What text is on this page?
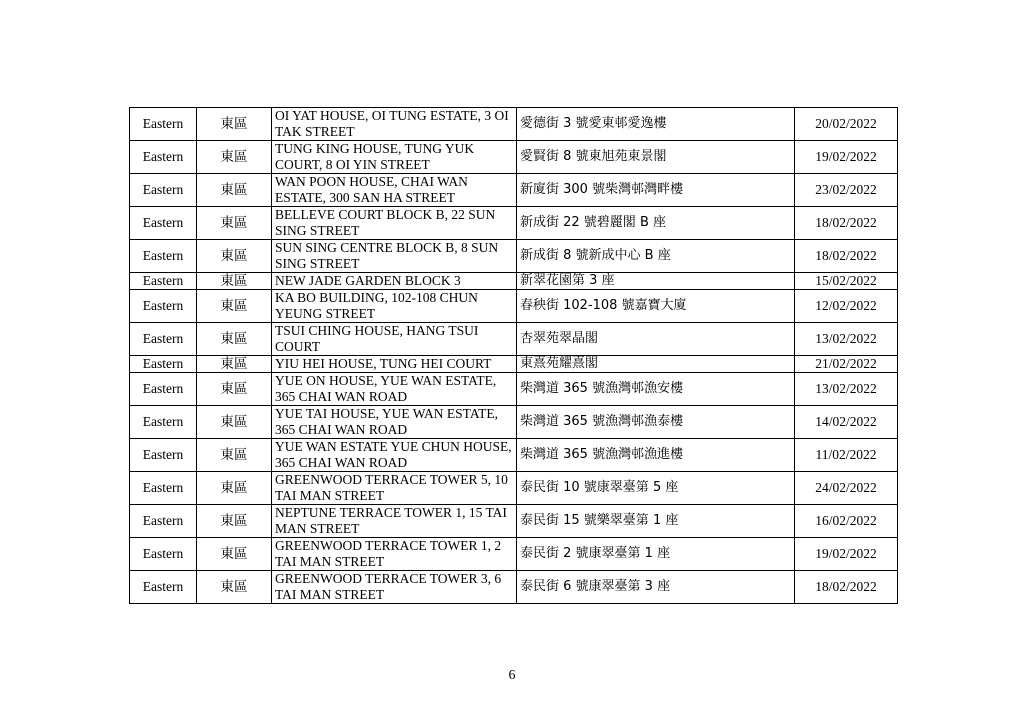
Eastern	東區	OI YAT HOUSE, OI TUNG ESTATE, 3 OI TAK STREET	愛德街 3 號愛東邨愛逸樓	20/02/2022
Eastern	東區	TUNG KING HOUSE, TUNG YUK COURT, 8 OI YIN STREET	愛賢街 8 號東旭苑東景閣	19/02/2022
Eastern	東區	WAN POON HOUSE, CHAI WAN ESTATE, 300 SAN HA STREET	新廈街 300 號柴灣邨灣畔樓	23/02/2022
Eastern	東區	BELLEVE COURT BLOCK B, 22 SUN SING STREET	新成街 22 號碧麗閣 B 座	18/02/2022
Eastern	東區	SUN SING CENTRE BLOCK B, 8 SUN SING STREET	新成街 8 號新成中心 B 座	18/02/2022
Eastern	東區	NEW JADE GARDEN BLOCK 3	新翠花園第 3 座	15/02/2022
Eastern	東區	KA BO BUILDING, 102-108 CHUN YEUNG STREET	春秧街 102-108 號嘉寶大廈	12/02/2022
Eastern	東區	TSUI CHING HOUSE, HANG TSUI COURT	杏翠苑翠晶閣	13/02/2022
Eastern	東區	YIU HEI HOUSE, TUNG HEI COURT	東熹苑耀熹閣	21/02/2022
Eastern	東區	YUE ON HOUSE, YUE WAN ESTATE, 365 CHAI WAN ROAD	柴灣道 365 號漁灣邨漁安樓	13/02/2022
Eastern	東區	YUE TAI HOUSE, YUE WAN ESTATE, 365 CHAI WAN ROAD	柴灣道 365 號漁灣邨漁泰樓	14/02/2022
Eastern	東區	YUE WAN ESTATE YUE CHUN HOUSE, 365 CHAI WAN ROAD	柴灣道 365 號漁灣邨漁進樓	11/02/2022
Eastern	東區	GREENWOOD TERRACE TOWER 5, 10 TAI MAN STREET	泰民街 10 號康翠臺第 5 座	24/02/2022
Eastern	東區	NEPTUNE TERRACE TOWER 1, 15 TAI MAN STREET	泰民街 15 號樂翠臺第 1 座	16/02/2022
Eastern	東區	GREENWOOD TERRACE TOWER 1, 2 TAI MAN STREET	泰民街 2 號康翠臺第 1 座	19/02/2022
Eastern	東區	GREENWOOD TERRACE TOWER 3, 6 TAI MAN STREET	泰民街 6 號康翠臺第 3 座	18/02/2022
6
